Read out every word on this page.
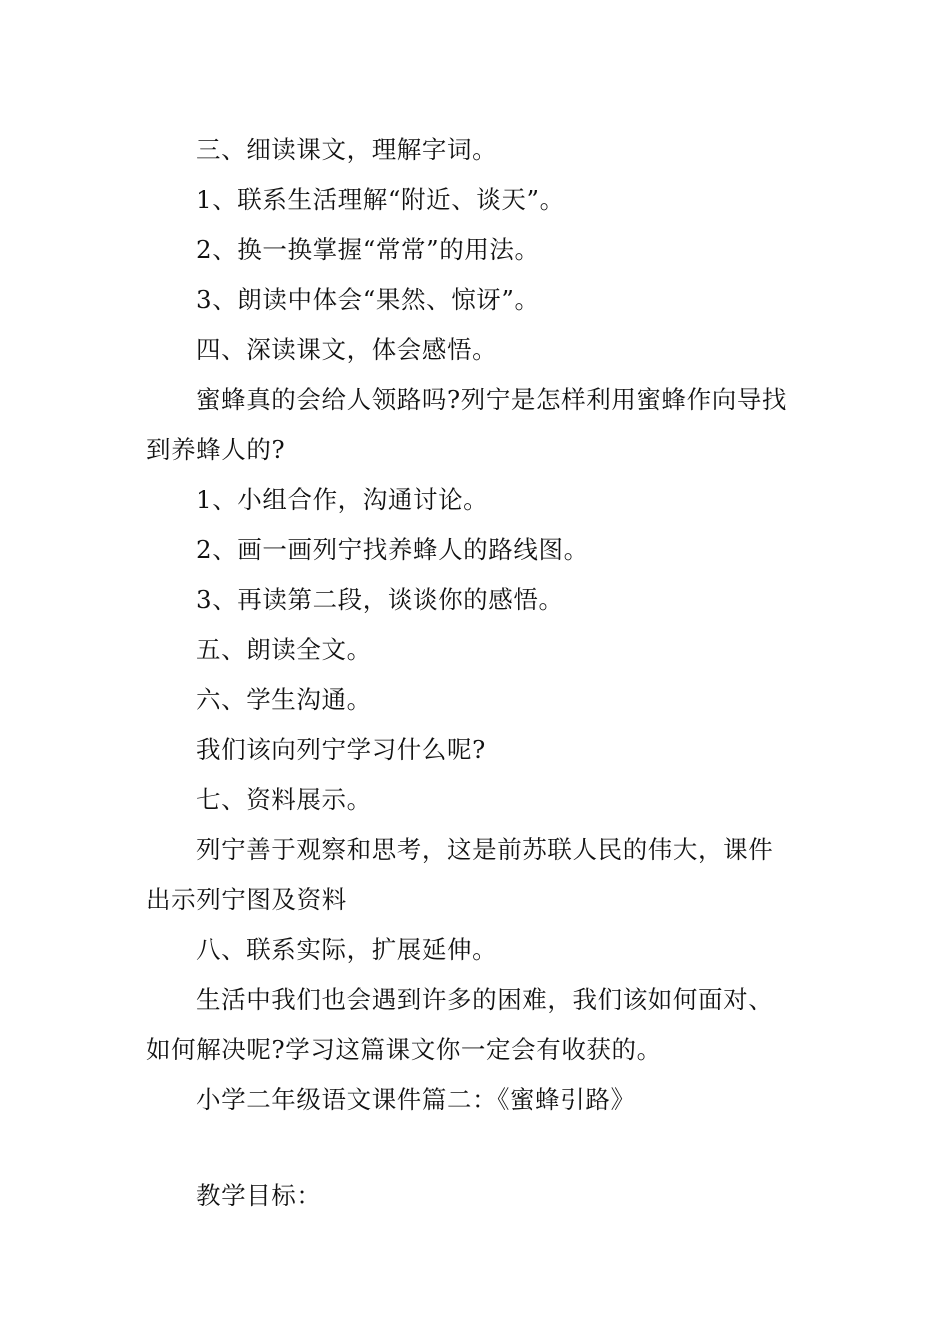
三、细读课文，理解字词。
1、联系生活理解“附近、谈天”。
2、换一换掌握“常常”的用法。
3、朗读中体会“果然、惊讶”。
四、深读课文，体会感悟。
蜜蜂真的会给人领路吗?列宁是怎样利用蜜蜂作向导找
到养蜂人的?
1、小组合作，沟通讨论。
2、画一画列宁找养蜂人的路线图。
3、再读第二段，谈谈你的感悟。
五、朗读全文。
六、学生沟通。
我们该向列宁学习什么呢?
七、资料展示。
列宁善于观察和思考，这是前苏联人民的伟大，课件
出示列宁图及资料
八、联系实际，扩展延伸。
生活中我们也会遇到许多的困难，我们该如何面对、
如何解决呢?学习这篇课文你一定会有收获的。
小学二年级语文课件篇二：《蜜蜂引路》
教学目标：
